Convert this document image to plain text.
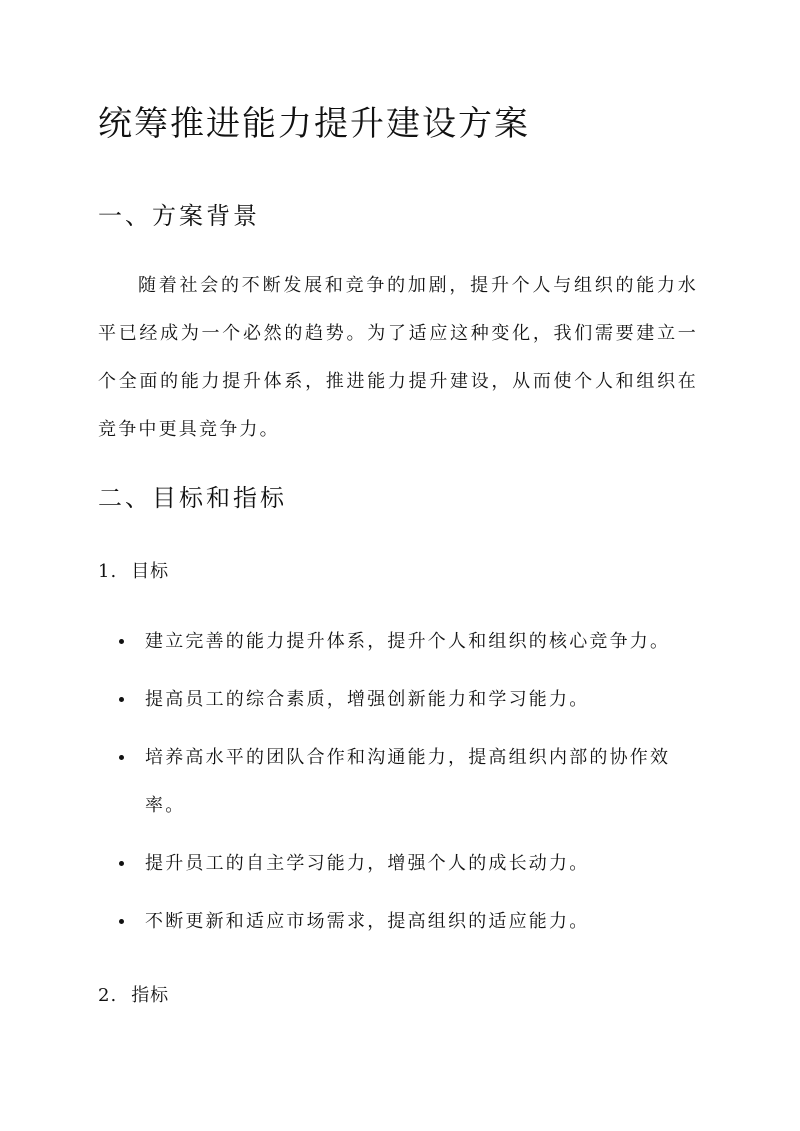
统筹推进能力提升建设方案
一、方案背景

随着社会的不断发展和竞争的加剧，提升个人与组织的能力水平已经成为一个必然的趋势。为了适应这种变化，我们需要建立一个全面的能力提升体系，推进能力提升建设，从而使个人和组织在竞争中更具竞争力。

二、目标和指标
1. 目标
建立完善的能力提升体系，提升个人和组织的核心竞争力。
提高员工的综合素质，增强创新能力和学习能力。
培养高水平的团队合作和沟通能力，提高组织内部的协作效率。
提升员工的自主学习能力，增强个人的成长动力。
不断更新和适应市场需求，提高组织的适应能力。
2. 指标
